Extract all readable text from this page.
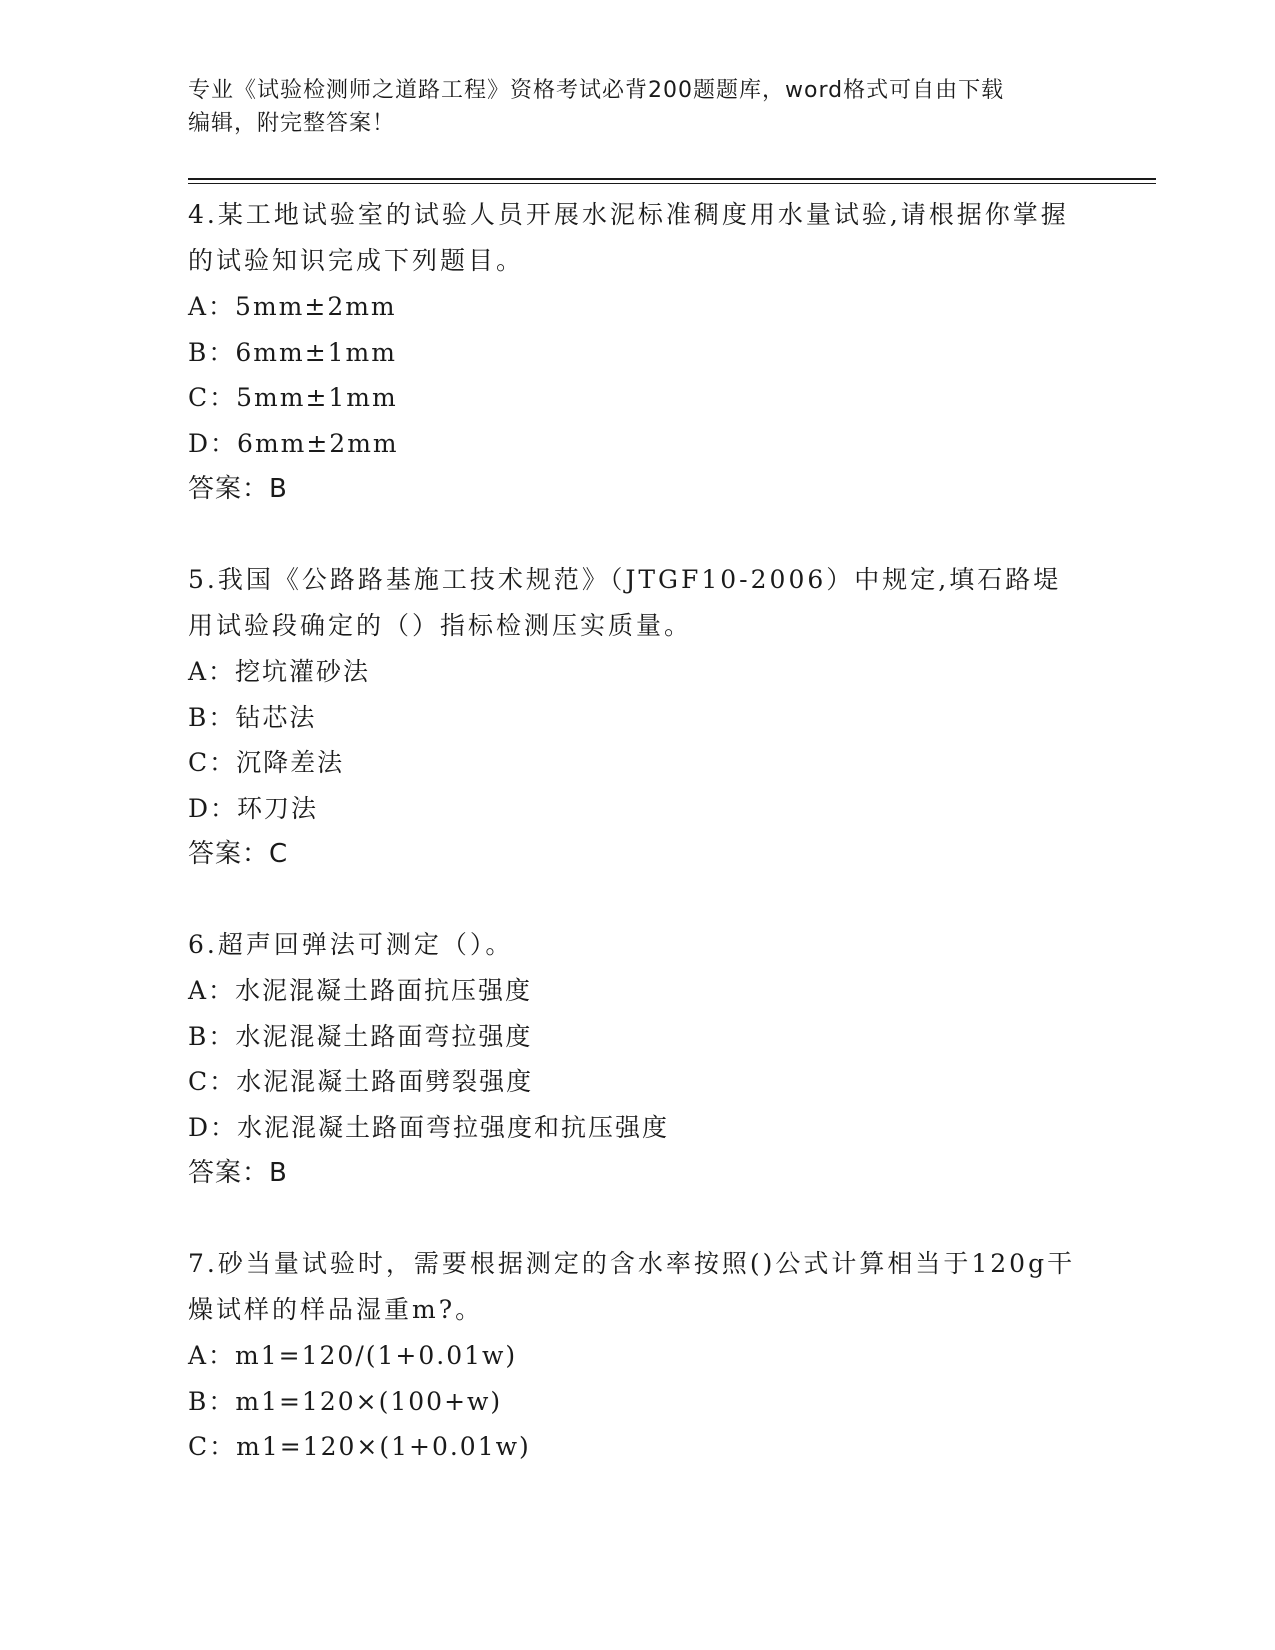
专业《试验检测师之道路工程》资格考试必背200题题库，word格式可自由下载
编辑，附完整答案！
4.某工地试验室的试验人员开展水泥标准稠度用水量试验,请根据你掌握的试验知识完成下列题目。
A：5mm±2mm
B：6mm±1mm
C：5mm±1mm
D：6mm±2mm
答案：B
5.我国《公路路基施工技术规范》（JTGF10-2006）中规定,填石路堤用试验段确定的（）指标检测压实质量。
A：挖坑灌砂法
B：钻芯法
C：沉降差法
D：环刀法
答案：C
6.超声回弹法可测定（）。
A：水泥混凝土路面抗压强度
B：水泥混凝土路面弯拉强度
C：水泥混凝土路面劈裂强度
D：水泥混凝土路面弯拉强度和抗压强度
答案：B
7.砂当量试验时，需要根据测定的含水率按照()公式计算相当于120g干燥试样的样品湿重m?。
A：m1=120/(1+0.01w)
B：m1=120×(100+w)
C：m1=120×(1+0.01w)
